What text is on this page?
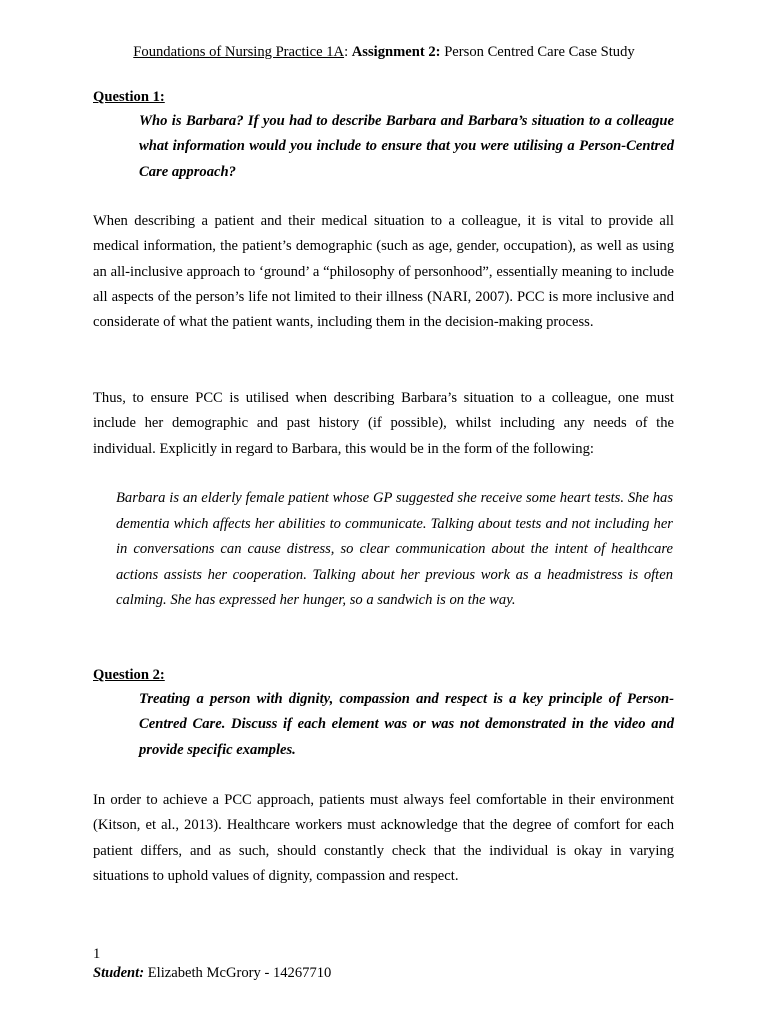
Foundations of Nursing Practice 1A: Assignment 2: Person Centred Care Case Study
Question 1:
Who is Barbara? If you had to describe Barbara and Barbara’s situation to a colleague what information would you include to ensure that you were utilising a Person-Centred Care approach?
When describing a patient and their medical situation to a colleague, it is vital to provide all medical information, the patient’s demographic (such as age, gender, occupation), as well as using an all-inclusive approach to ‘ground’ a “philosophy of personhood”, essentially meaning to include all aspects of the person’s life not limited to their illness (NARI, 2007). PCC is more inclusive and considerate of what the patient wants, including them in the decision-making process.
Thus, to ensure PCC is utilised when describing Barbara’s situation to a colleague, one must include her demographic and past history (if possible), whilst including any needs of the individual. Explicitly in regard to Barbara, this would be in the form of the following:
Barbara is an elderly female patient whose GP suggested she receive some heart tests. She has dementia which affects her abilities to communicate. Talking about tests and not including her in conversations can cause distress, so clear communication about the intent of healthcare actions assists her cooperation. Talking about her previous work as a headmistress is often calming. She has expressed her hunger, so a sandwich is on the way.
Question 2:
Treating a person with dignity, compassion and respect is a key principle of Person-Centred Care. Discuss if each element was or was not demonstrated in the video and provide specific examples.
In order to achieve a PCC approach, patients must always feel comfortable in their environment (Kitson, et al., 2013). Healthcare workers must acknowledge that the degree of comfort for each patient differs, and as such, should constantly check that the individual is okay in varying situations to uphold values of dignity, compassion and respect.
1
Student: Elizabeth McGrory - 14267710
